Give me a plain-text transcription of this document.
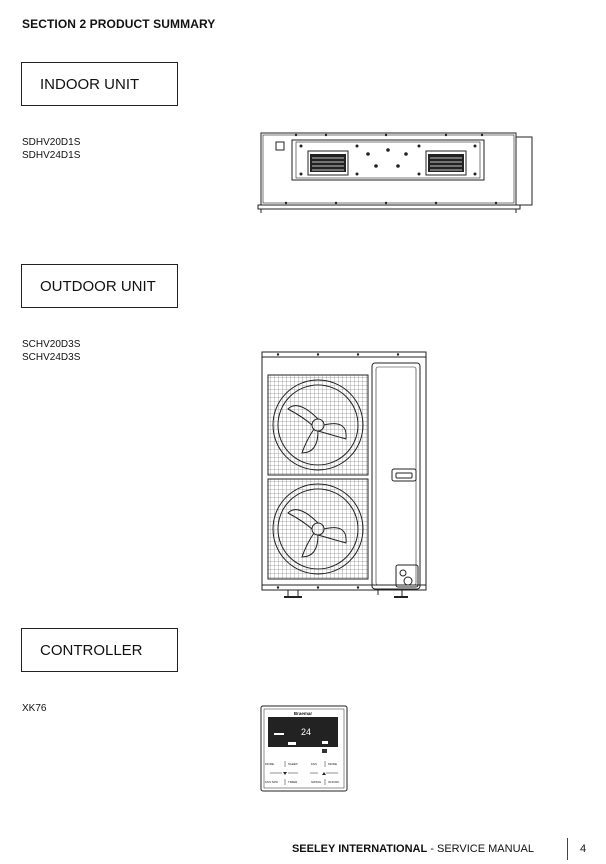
SECTION 2 PRODUCT SUMMARY
INDOOR UNIT
SDHV20D1S
SDHV24D1S
OUTDOOR UNIT
SCHV20D3S
SCHV24D3S
CONTROLLER
XK76	Braemar
24
MODE	SLEEP	FAN	MODE
FAN SPD	TIMER	SWING ON/OFF
SEELEY INTERNATIONAL - SERVICE MANUAL	4
